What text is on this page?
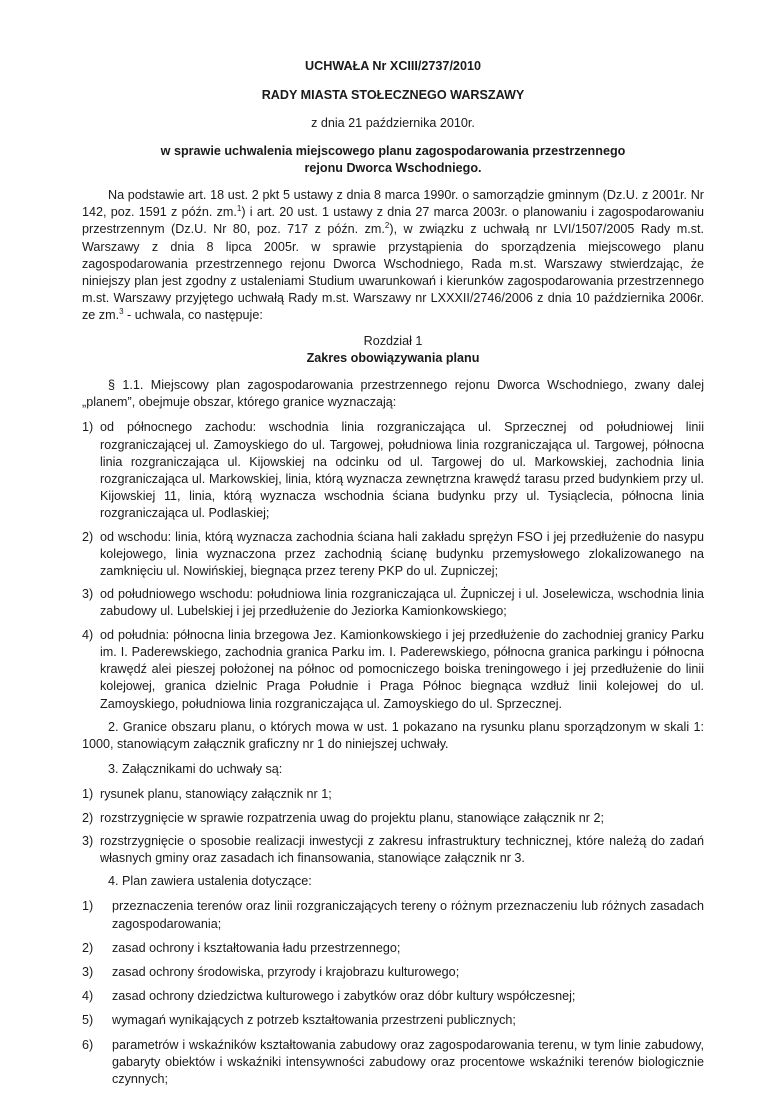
UCHWAŁA Nr XCIII/2737/2010

RADY MIASTA STOŁECZNEGO WARSZAWY

z dnia 21 października 2010r.

w sprawie uchwalenia miejscowego planu zagospodarowania przestrzennego
rejonu Dworca Wschodniego.

Na podstawie art. 18 ust. 2 pkt 5 ustawy z dnia 8 marca 1990r. o samorządzie gminnym (Dz.U. z 2001r. Nr 142, poz. 1591 z późn. zm.$^1$) i art. 20 ust. 1 ustawy z dnia 27 marca 2003r. o planowaniu i zagospodarowaniu przestrzennym (Dz.U. Nr 80, poz. 717 z późn. zm.$^2$), w związku z uchwałą nr LVI/1507/2005 Rady m.st. Warszawy z dnia 8 lipca 2005r. w sprawie przystąpienia do sporządzenia miejscowego planu zagospodarowania przestrzennego rejonu Dworca Wschodniego, Rada m.st. Warszawy stwierdzając, że niniejszy plan jest zgodny z ustaleniami Studium uwarunkowań i kierunków zagospodarowania przestrzennego m.st. Warszawy przyjętego uchwałą Rady m.st. Warszawy nr LXXXII/2746/2006 z dnia 10 października 2006r. ze zm.$^3$ - uchwala, co następuje:

Rozdział 1

Zakres obowiązywania planu

§ 1.1. Miejscowy plan zagospodarowania przestrzennego rejonu Dworca Wschodniego, zwany dalej „planem”, obejmuje obszar, którego granice wyznaczają:

1) od północnego zachodu: wschodnia linia rozgraniczająca ul. Sprzecznej od południowej linii rozgraniczającej ul. Zamoyskiego do ul. Targowej, południowa linia rozgraniczająca ul. Targowej, północna linia rozgraniczająca ul. Kijowskiej na odcinku od ul. Targowej do ul. Markowskiej, zachodnia linia rozgraniczająca ul. Markowskiej, linia, którą wyznacza zewnętrzna krawędź tarasu przed budynkiem przy ul. Kijowskiej 11, linia, którą wyznacza wschodnia ściana budynku przy ul. Tysiąclecia, północna linia rozgraniczająca ul. Podlaskiej;
2) od wschodu: linia, którą wyznacza zachodnia ściana hali zakładu sprężyn FSO i jej przedłużenie do nasypu kolejowego, linia wyznaczona przez zachodnią ścianę budynku przemysłowego zlokalizowanego na zamknięciu ul. Nowińskiej, biegnąca przez tereny PKP do ul. Zupniczej;
3) od południowego wschodu: południowa linia rozgraniczająca ul. Żupniczej i ul. Joselewicza, wschodnia linia zabudowy ul. Lubelskiej i jej przedłużenie do Jeziorka Kamionkowskiego;
4) od południa: północna linia brzegowa Jez. Kamionkowskiego i jej przedłużenie do zachodniej granicy Parku im. I. Paderewskiego, zachodnia granica Parku im. I. Paderewskiego, północna granica parkingu i północna krawędź alei pieszej położonej na północ od pomocniczego boiska treningowego i jej przedłużenie do linii kolejowej, granica dzielnic Praga Południe i Praga Północ biegnąca wzdłuż linii kolejowej do ul. Zamoyskiego, południowa linia rozgraniczająca ul. Zamoyskiego do ul. Sprzecznej.

2. Granice obszaru planu, o których mowa w ust. 1 pokazano na rysunku planu sporządzonym w skali 1: 1000, stanowiącym załącznik graficzny nr 1 do niniejszej uchwały.

3. Załącznikami do uchwały są:

1) rysunek planu, stanowiący załącznik nr 1;
2) rozstrzygnięcie w sprawie rozpatrzenia uwag do projektu planu, stanowiące załącznik nr 2;
3) rozstrzygnięcie o sposobie realizacji inwestycji z zakresu infrastruktury technicznej, które należą do zadań własnych gminy oraz zasadach ich finansowania, stanowiące załącznik nr 3.

4. Plan zawiera ustalenia dotyczące:

1)	przeznaczenia terenów oraz linii rozgraniczających tereny o różnym przeznaczeniu lub różnych zasadach zagospodarowania;
2)	zasad ochrony i kształtowania ładu przestrzennego;
3)	zasad ochrony środowiska, przyrody i krajobrazu kulturowego;
4)	zasad ochrony dziedzictwa kulturowego i zabytków oraz dóbr kultury współczesnej;
5)	wymagań wynikających z potrzeb kształtowania przestrzeni publicznych;
6)	parametrów i wskaźników kształtowania zabudowy oraz zagospodarowania terenu, w tym linie zabudowy, gabaryty obiektów i wskaźniki intensywności zabudowy oraz procentowe wskaźniki terenów biologicznie czynnych;
